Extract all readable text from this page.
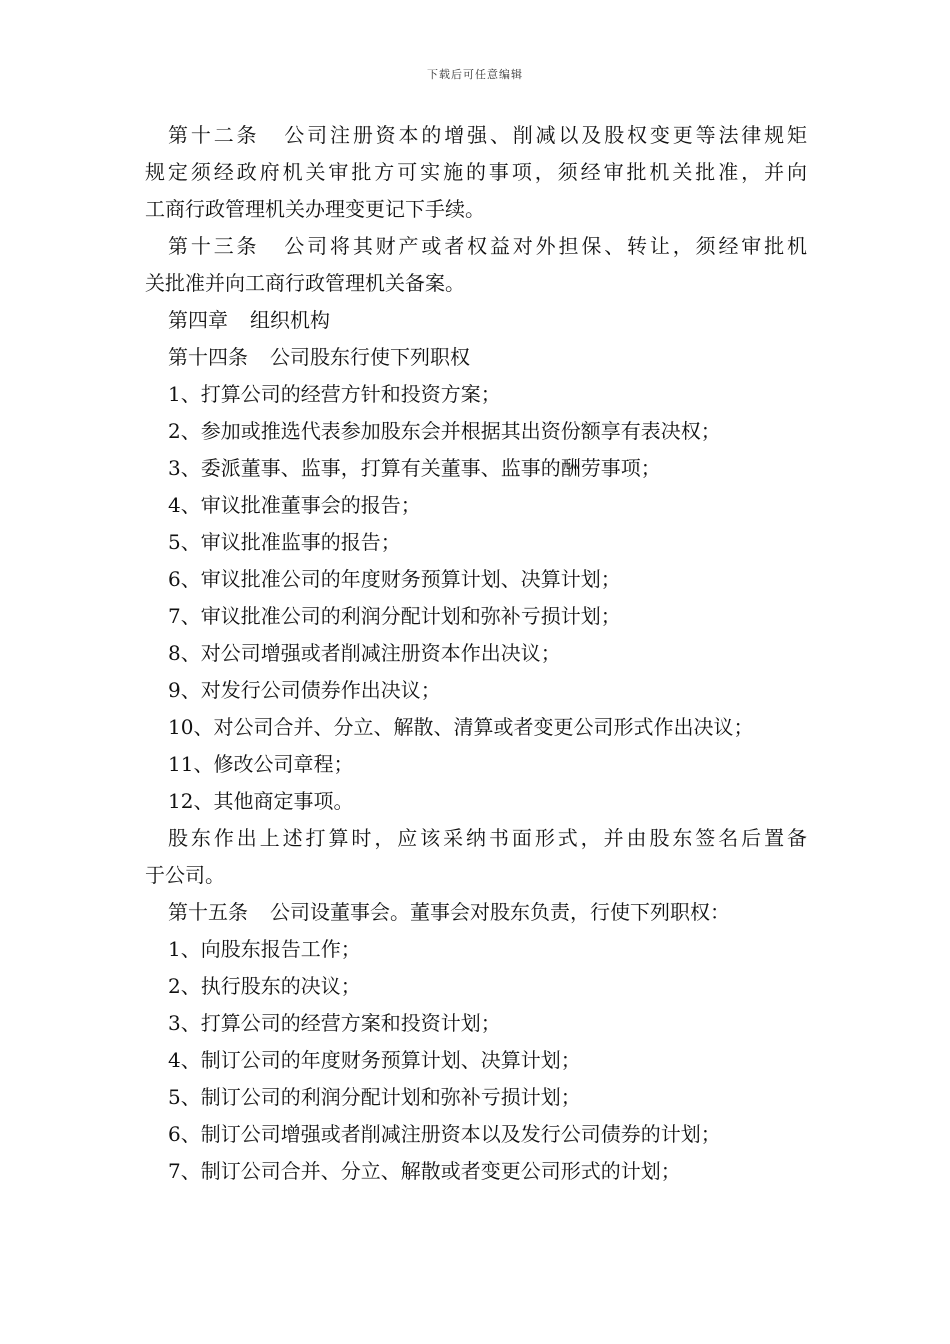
下载后可任意编辑
第十二条 公司注册资本的增强、削减以及股权变更等法律规矩
规定须经政府机关审批方可实施的事项，须经审批机关批准，并向
工商行政管理机关办理变更记下手续。
第十三条 公司将其财产或者权益对外担保、转让，须经审批机
关批准并向工商行政管理机关备案。
第四章 组织机构
第十四条 公司股东行使下列职权
1、打算公司的经营方针和投资方案；
2、参加或推选代表参加股东会并根据其出资份额享有表决权；
3、委派董事、监事，打算有关董事、监事的酬劳事项；
4、审议批准董事会的报告；
5、审议批准监事的报告；
6、审议批准公司的年度财务预算计划、决算计划；
7、审议批准公司的利润分配计划和弥补亏损计划；
8、对公司增强或者削减注册资本作出决议；
9、对发行公司债券作出决议；
10、对公司合并、分立、解散、清算或者变更公司形式作出决议；
11、修改公司章程；
12、其他商定事项。
股东作出上述打算时，应该采纳书面形式，并由股东签名后置备
于公司。
第十五条 公司设董事会。董事会对股东负责，行使下列职权：
1、向股东报告工作；
2、执行股东的决议；
3、打算公司的经营方案和投资计划；
4、制订公司的年度财务预算计划、决算计划；
5、制订公司的利润分配计划和弥补亏损计划；
6、制订公司增强或者削减注册资本以及发行公司债券的计划；
7、制订公司合并、分立、解散或者变更公司形式的计划；
